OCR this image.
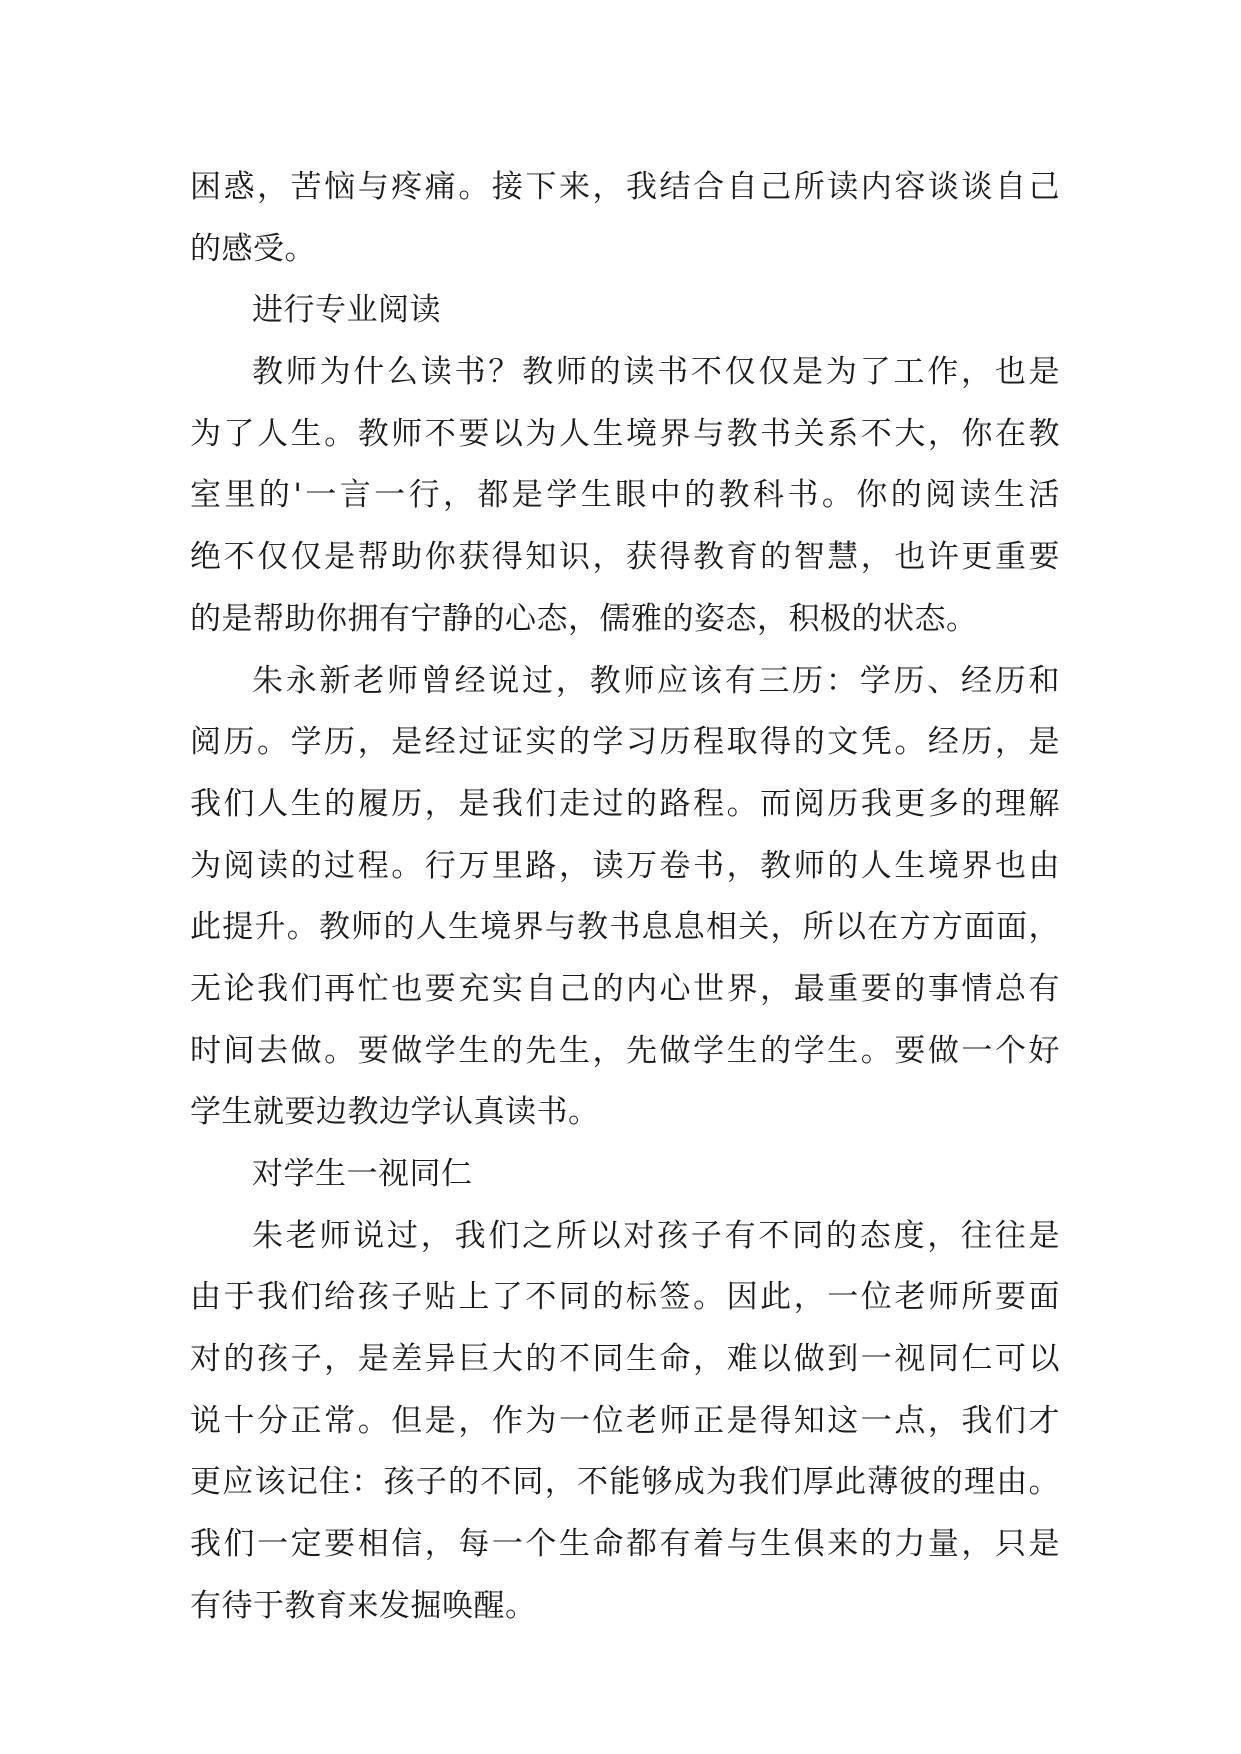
困惑，苦恼与疼痛。接下来，我结合自己所读内容谈谈自己
的感受。
进行专业阅读
教师为什么读书？教师的读书不仅仅是为了工作，也是
为了人生。教师不要以为人生境界与教书关系不大，你在教
室里的'一言一行，都是学生眼中的教科书。你的阅读生活
绝不仅仅是帮助你获得知识，获得教育的智慧，也许更重要
的是帮助你拥有宁静的心态，儒雅的姿态，积极的状态。
朱永新老师曾经说过，教师应该有三历：学历、经历和
阅历。学历，是经过证实的学习历程取得的文凭。经历，是
我们人生的履历，是我们走过的路程。而阅历我更多的理解
为阅读的过程。行万里路，读万卷书，教师的人生境界也由
此提升。教师的人生境界与教书息息相关，所以在方方面面，
无论我们再忙也要充实自己的内心世界，最重要的事情总有
时间去做。要做学生的先生，先做学生的学生。要做一个好
学生就要边教边学认真读书。
对学生一视同仁
朱老师说过，我们之所以对孩子有不同的态度，往往是
由于我们给孩子贴上了不同的标签。因此，一位老师所要面
对的孩子，是差异巨大的不同生命，难以做到一视同仁可以
说十分正常。但是，作为一位老师正是得知这一点，我们才
更应该记住：孩子的不同，不能够成为我们厚此薄彼的理由。
我们一定要相信，每一个生命都有着与生俱来的力量，只是
有待于教育来发掘唤醒。
